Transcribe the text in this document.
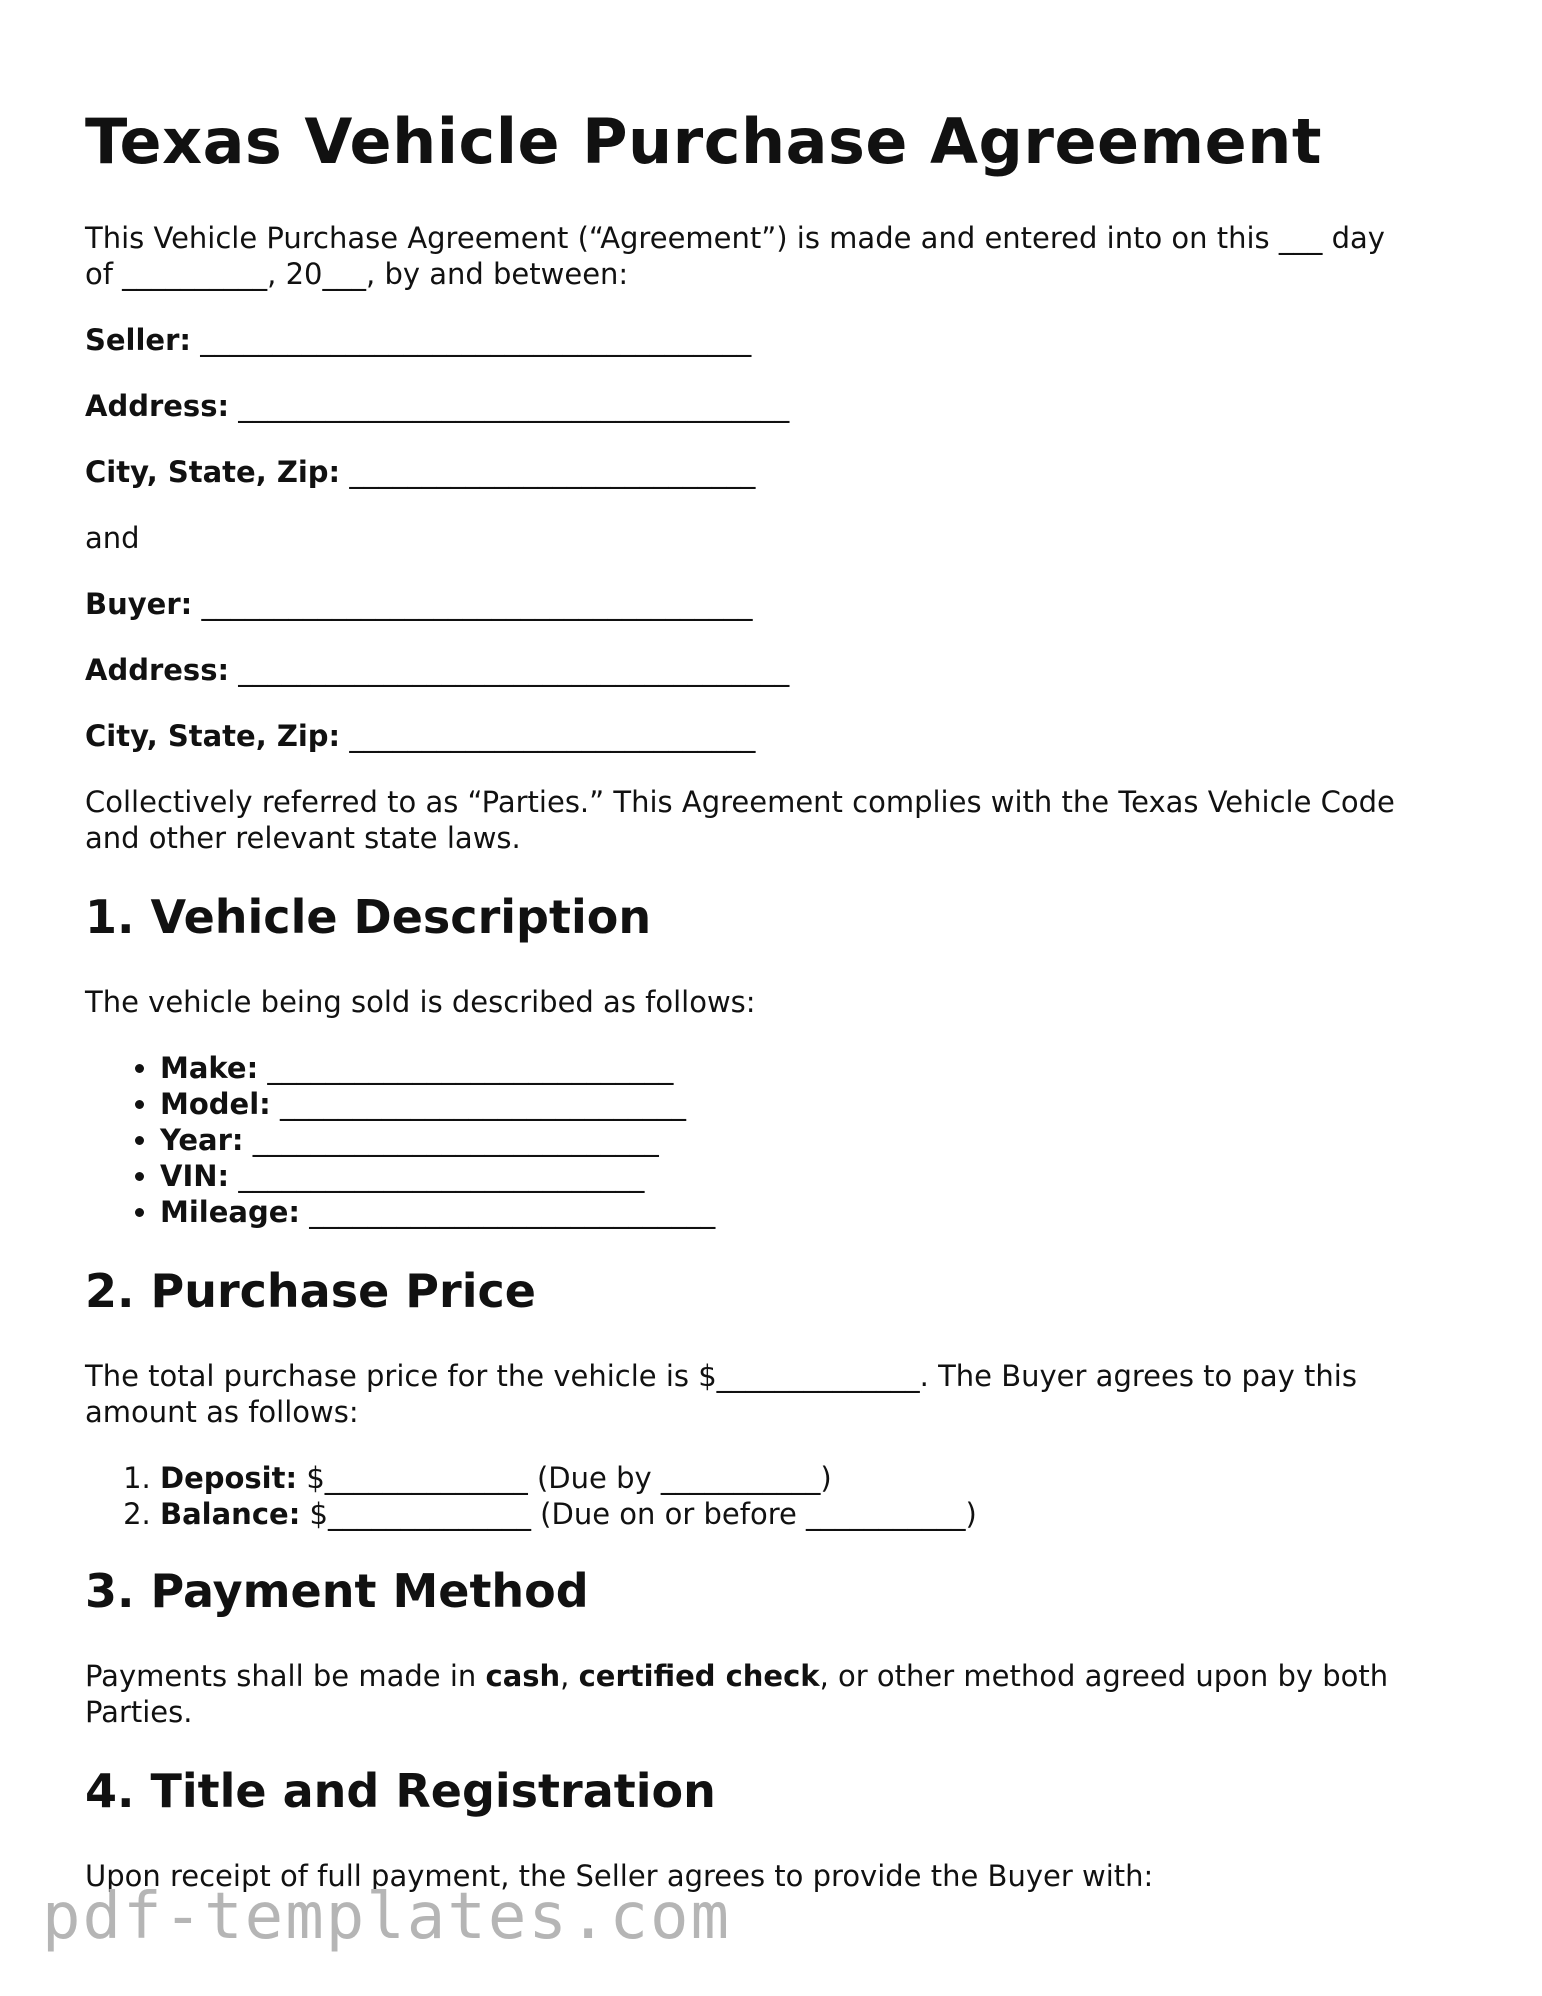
Texas Vehicle Purchase Agreement

This Vehicle Purchase Agreement (“Agreement”) is made and entered into on this ___ day

of __________, 20___, by and between:

Seller: ______________________________________

Address: ______________________________________

City, State, Zip: ____________________________

and

Buyer: ______________________________________

Address: ______________________________________

City, State, Zip: ____________________________

Collectively referred to as “Parties.” This Agreement complies with the Texas Vehicle Code

and other relevant state laws.

1. Vehicle Description

The vehicle being sold is described as follows:

• Make: ____________________________
• Model: ____________________________
• Year: ____________________________
• VIN: ____________________________
• Mileage: ____________________________
2. Purchase Price

The total purchase price for the vehicle is $______________. The Buyer agrees to pay this

amount as follows:

1. Deposit: $______________ (Due by ___________)
2. Balance: $______________ (Due on or before ___________)
3. Payment Method

Payments shall be made in cash, certified check, or other method agreed upon by both

Parties.

4. Title and Registration

Upon receipt of full payment, the Seller agrees to provide the Buyer with:

pdf-templates.com
